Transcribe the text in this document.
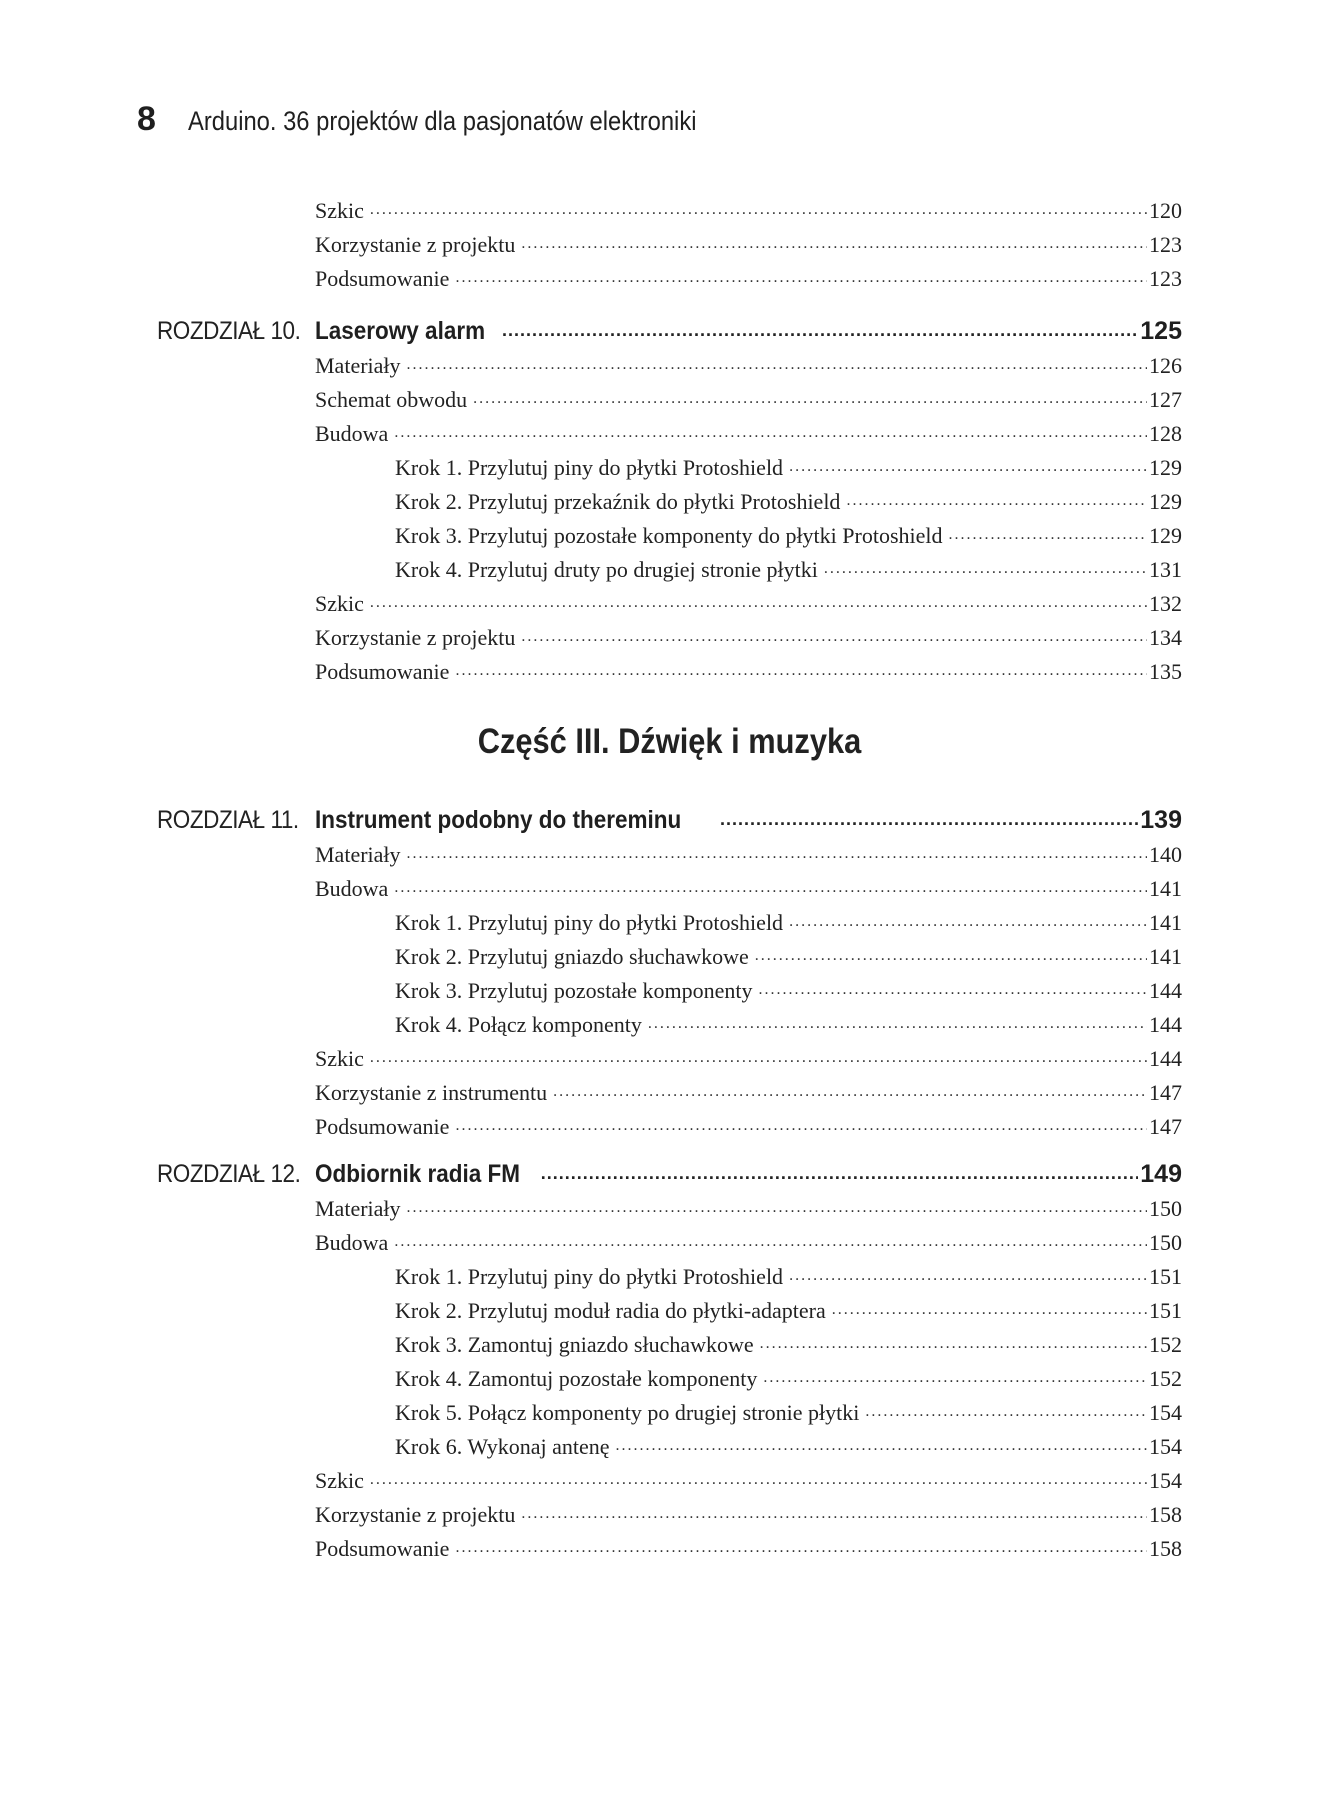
8 Arduino. 36 projektów dla pasjonatów elektroniki
Szkic .....	120
Korzystanie z projektu .....	123
Podsumowanie .....	123
ROZDZIAŁ 10. Laserowy alarm .....	125
Materiały .....	126
Schemat obwodu .....	127
Budowa .....	128
Krok 1. Przylutuj piny do płytki Protoshield .....	129
Krok 2. Przylutuj przekaźnik do płytki Protoshield .....	129
Krok 3. Przylutuj pozostałe komponenty do płytki Protoshield .....	129
Krok 4. Przylutuj druty po drugiej stronie płytki .....	131
Szkic .....	132
Korzystanie z projektu .....	134
Podsumowanie .....	135
Część III. Dźwięk i muzyka
ROZDZIAŁ 11. Instrument podobny do thereminu .....	139
Materiały .....	140
Budowa .....	141
Krok 1. Przylutuj piny do płytki Protoshield .....	141
Krok 2. Przylutuj gniazdo słuchawkowe .....	141
Krok 3. Przylutuj pozostałe komponenty .....	144
Krok 4. Połącz komponenty .....	144
Szkic .....	144
Korzystanie z instrumentu .....	147
Podsumowanie .....	147
ROZDZIAŁ 12. Odbiornik radia FM .....	149
Materiały .....	150
Budowa .....	150
Krok 1. Przylutuj piny do płytki Protoshield .....	151
Krok 2. Przylutuj moduł radia do płytki-adaptera .....	151
Krok 3. Zamontuj gniazdo słuchawkowe .....	152
Krok 4. Zamontuj pozostałe komponenty .....	152
Krok 5. Połącz komponenty po drugiej stronie płytki .....	154
Krok 6. Wykonaj antenę .....	154
Szkic .....	154
Korzystanie z projektu .....	158
Podsumowanie .....	158
